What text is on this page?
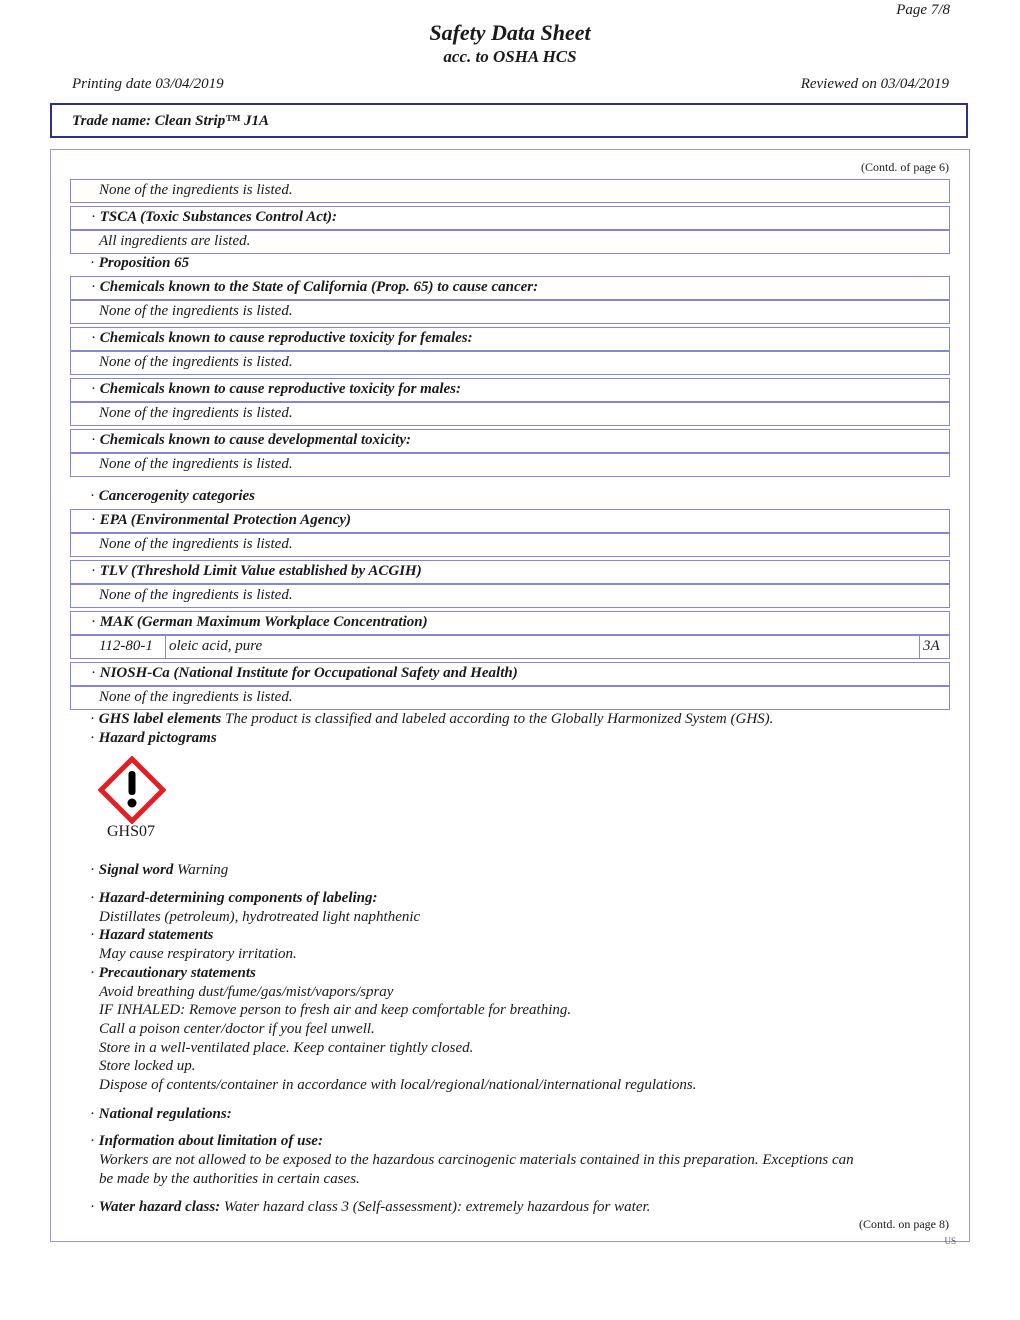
Page 7/8
Safety Data Sheet
acc. to OSHA HCS
Printing date 03/04/2019	Reviewed on 03/04/2019
Trade name: Clean Strip™ J1A
(Contd. of page 6)
None of the ingredients is listed.
· TSCA (Toxic Substances Control Act):
All ingredients are listed.
· Proposition 65
· Chemicals known to the State of California (Prop. 65) to cause cancer:
None of the ingredients is listed.
· Chemicals known to cause reproductive toxicity for females:
None of the ingredients is listed.
· Chemicals known to cause reproductive toxicity for males:
None of the ingredients is listed.
· Chemicals known to cause developmental toxicity:
None of the ingredients is listed.
· Cancerogenity categories
· EPA (Environmental Protection Agency)
None of the ingredients is listed.
· TLV (Threshold Limit Value established by ACGIH)
None of the ingredients is listed.
· MAK (German Maximum Workplace Concentration)
112-80-1 oleic acid, pure	3A
· NIOSH-Ca (National Institute for Occupational Safety and Health)
None of the ingredients is listed.
· GHS label elements The product is classified and labeled according to the Globally Harmonized System (GHS).
· Hazard pictograms
GHS07
· Signal word Warning
· Hazard-determining components of labeling:
Distillates (petroleum), hydrotreated light naphthenic
· Hazard statements
May cause respiratory irritation.
· Precautionary statements
Avoid breathing dust/fume/gas/mist/vapors/spray
IF INHALED: Remove person to fresh air and keep comfortable for breathing.
Call a poison center/doctor if you feel unwell.
Store in a well-ventilated place. Keep container tightly closed.
Store locked up.
Dispose of contents/container in accordance with local/regional/national/international regulations.
· National regulations:
· Information about limitation of use:
Workers are not allowed to be exposed to the hazardous carcinogenic materials contained in this preparation. Exceptions can
be made by the authorities in certain cases.
· Water hazard class: Water hazard class 3 (Self-assessment): extremely hazardous for water.
(Contd. on page 8)
US
